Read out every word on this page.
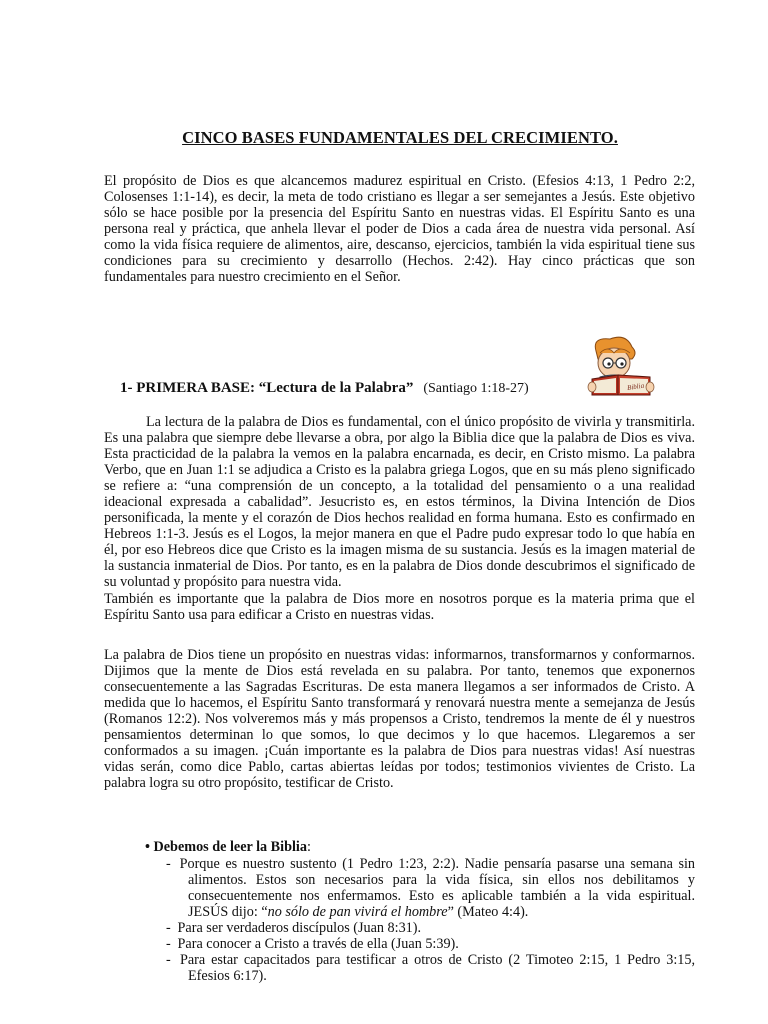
CINCO BASES FUNDAMENTALES DEL CRECIMIENTO.

El propósito de Dios es que alcancemos madurez espiritual en Cristo. (Efesios 4:13, 1 Pedro 2:2, Colosenses 1:1-14), es decir, la meta de todo cristiano es llegar a ser semejantes a Jesús. Este objetivo sólo se hace posible por la presencia del Espíritu Santo en nuestras vidas. El Espíritu Santo es una persona real y práctica, que anhela llevar el poder de Dios a cada área de nuestra vida personal. Así como la vida física requiere de alimentos, aire, descanso, ejercicios, también la vida espiritual tiene sus condiciones para su crecimiento y desarrollo (Hechos. 2:42). Hay cinco prácticas que son fundamentales para nuestro crecimiento en el Señor.

1- PRIMERA BASE: “Lectura de la Palabra” (Santiago 1:18-27)	Biblia

La lectura de la palabra de Dios es fundamental, con el único propósito de vivirla y transmitirla. Es una palabra que siempre debe llevarse a obra, por algo la Biblia dice que la palabra de Dios es viva. Esta practicidad de la palabra la vemos en la palabra encarnada, es decir, en Cristo mismo. La palabra Verbo, que en Juan 1:1 se adjudica a Cristo es la palabra griega Logos, que en su más pleno significado se refiere a: “una comprensión de un concepto, a la totalidad del pensamiento o a una realidad ideacional expresada a cabalidad”. Jesucristo es, en estos términos, la Divina Intención de Dios personificada, la mente y el corazón de Dios hechos realidad en forma humana. Esto es confirmado en Hebreos 1:1-3. Jesús es el Logos, la mejor manera en que el Padre pudo expresar todo lo que había en él, por eso Hebreos dice que Cristo es la imagen misma de su sustancia. Jesús es la imagen material de la sustancia inmaterial de Dios. Por tanto, es en la palabra de Dios donde descubrimos el significado de su voluntad y propósito para nuestra vida.

También es importante que la palabra de Dios more en nosotros porque es la materia prima que el Espíritu Santo usa para edificar a Cristo en nuestras vidas.

La palabra de Dios tiene un propósito en nuestras vidas: informarnos, transformarnos y conformarnos. Dijimos que la mente de Dios está revelada en su palabra. Por tanto, tenemos que exponernos consecuentemente a las Sagradas Escrituras. De esta manera llegamos a ser informados de Cristo. A medida que lo hacemos, el Espíritu Santo transformará y renovará nuestra mente a semejanza de Jesús (Romanos 12:2). Nos volveremos más y más propensos a Cristo, tendremos la mente de él y nuestros pensamientos determinan lo que somos, lo que decimos y lo que hacemos. Llegaremos a ser conformados a su imagen. ¡Cuán importante es la palabra de Dios para nuestras vidas! Así nuestras vidas serán, como dice Pablo, cartas abiertas leídas por todos; testimonios vivientes de Cristo. La palabra logra su otro propósito, testificar de Cristo.

• Debemos de leer la Biblia:
- Porque es nuestro sustento (1 Pedro 1:23, 2:2). Nadie pensaría pasarse una semana sin alimentos. Estos son necesarios para la vida física, sin ellos nos debilitamos y consecuentemente nos enfermamos. Esto es aplicable también a la vida espiritual. JESÚS dijo: “no sólo de pan vivirá el hombre” (Mateo 4:4).
- Para ser verdaderos discípulos (Juan 8:31).
- Para conocer a Cristo a través de ella (Juan 5:39).
- Para estar capacitados para testificar a otros de Cristo (2 Timoteo 2:15, 1 Pedro 3:15, Efesios 6:17).
